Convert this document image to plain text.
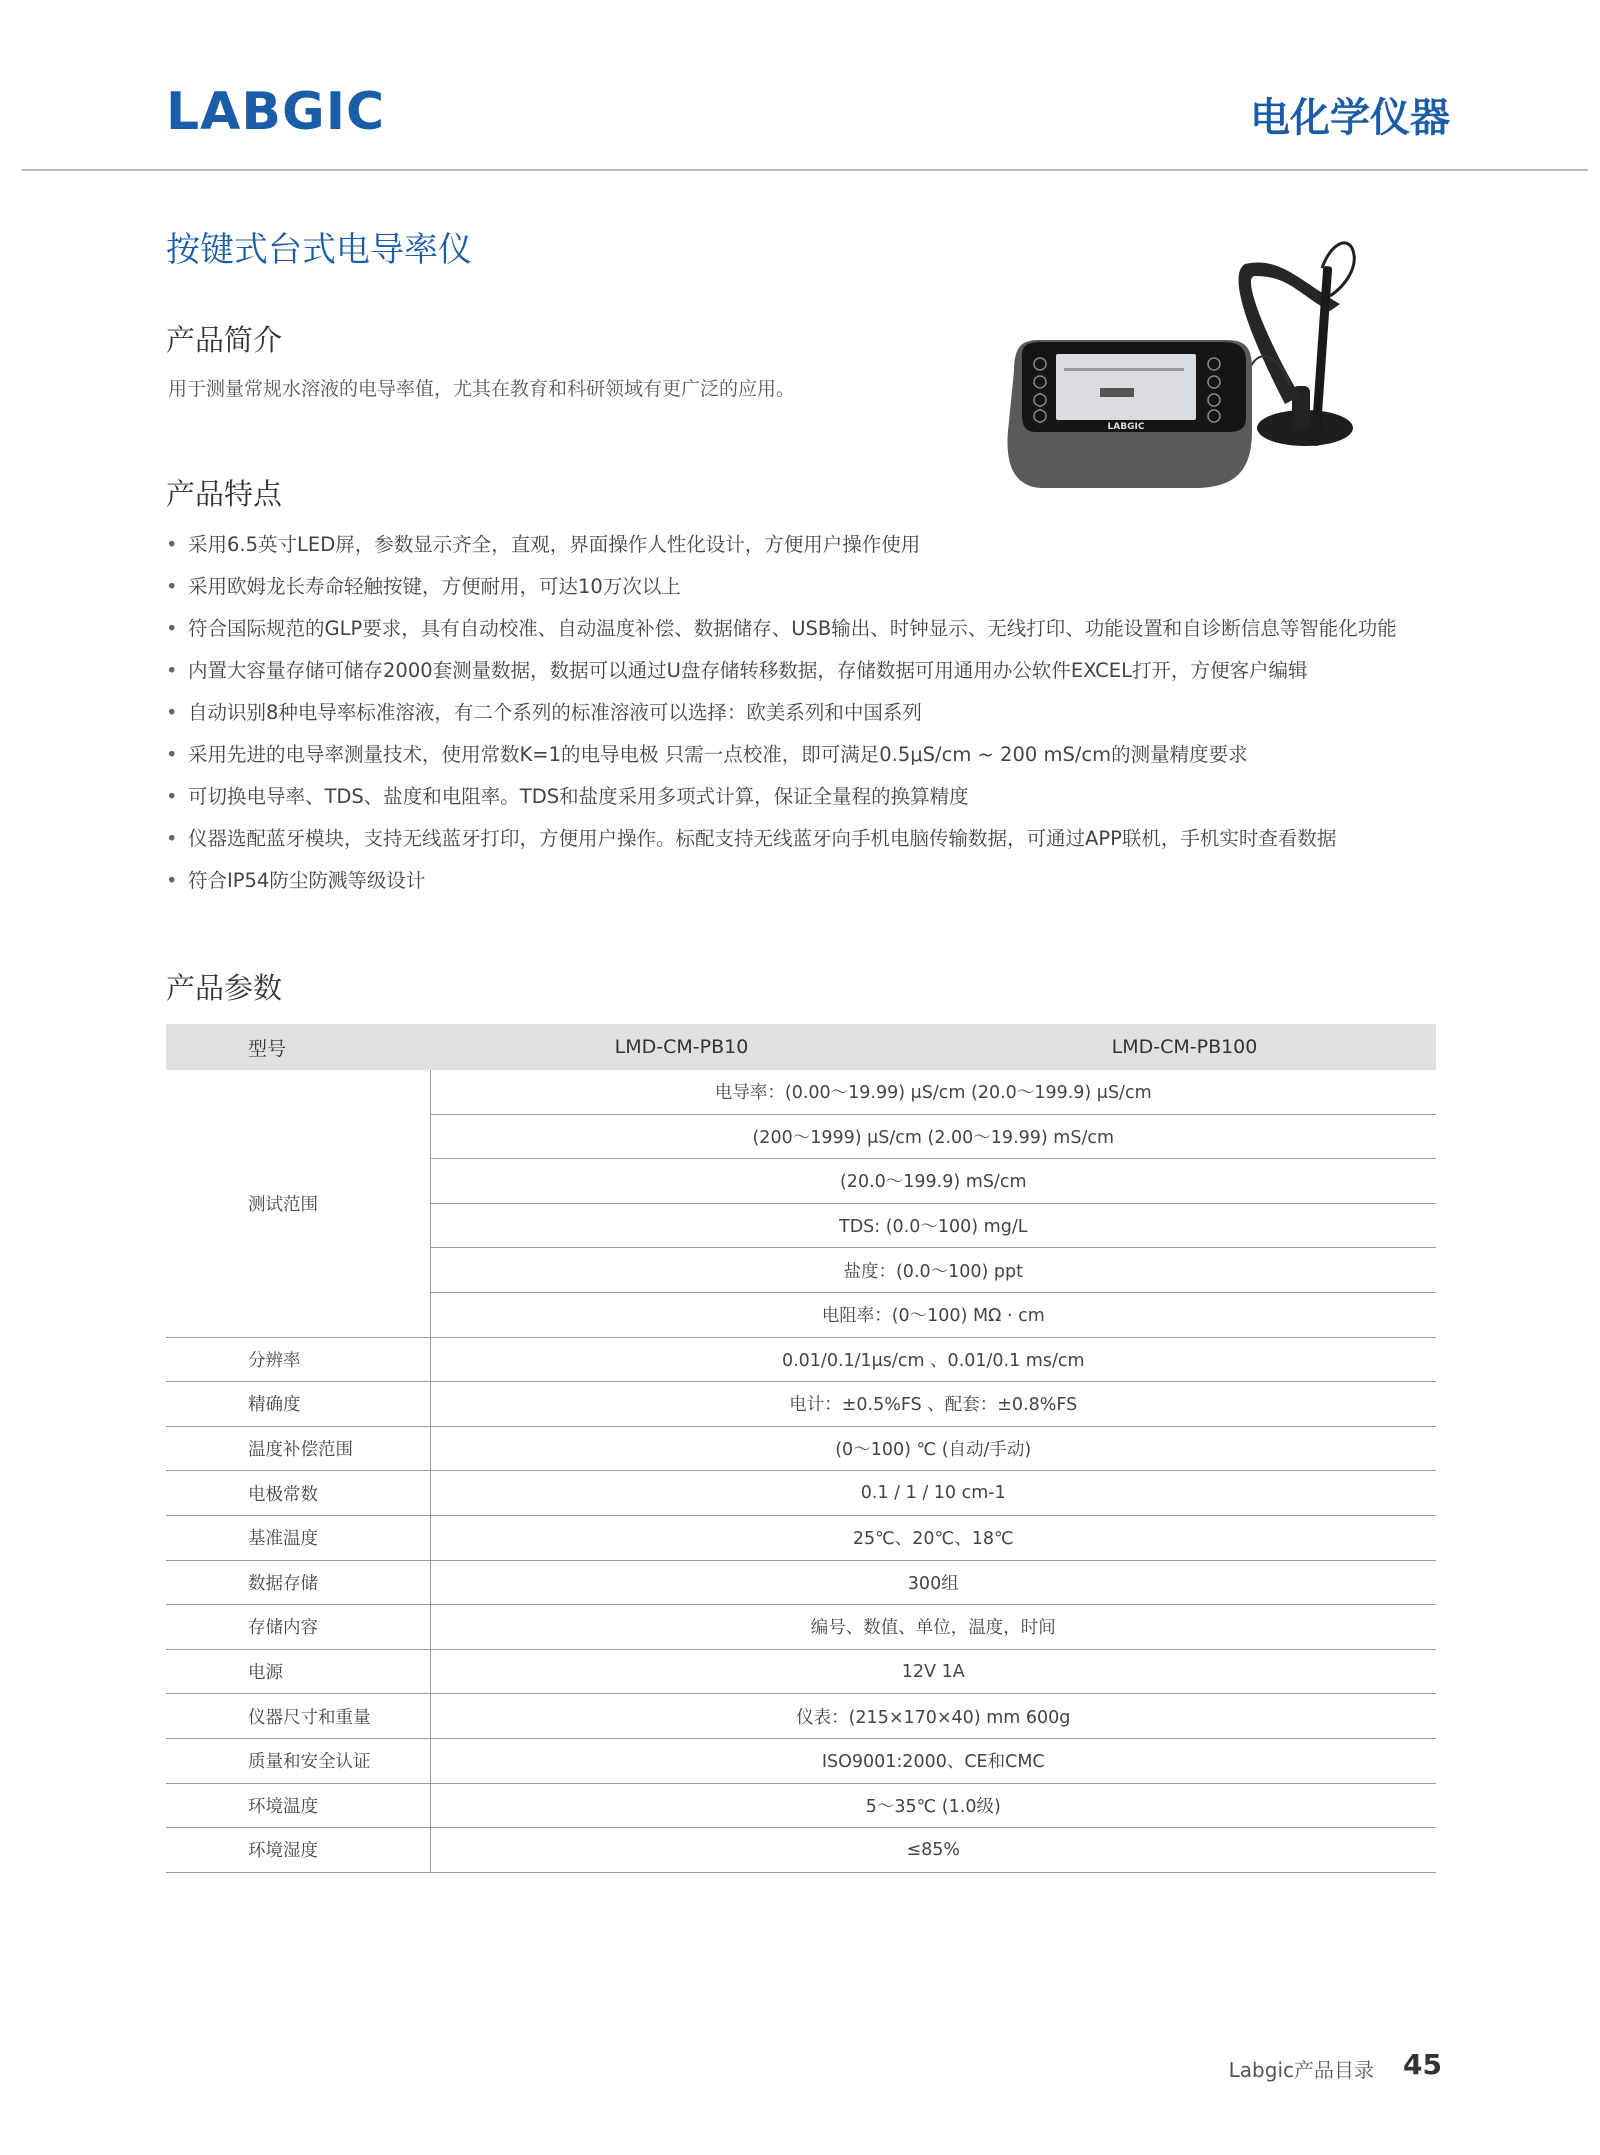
LABGIC	电化学仪器
按键式台式电导率仪
产品简介
用于测量常规水溶液的电导率值，尤其在教育和科研领域有更广泛的应用。
LABGIC
产品特点
• 采用6.5英寸LED屏，参数显示齐全，直观，界面操作人性化设计，方便用户操作使用
• 采用欧姆龙长寿命轻触按键，方便耐用，可达10万次以上
• 符合国际规范的GLP要求，具有自动校准、自动温度补偿、数据储存、USB输出、时钟显示、无线打印、功能设置和自诊断信息等智能化功能
• 内置大容量存储可储存2000套测量数据，数据可以通过U盘存储转移数据，存储数据可用通用办公软件EXCEL打开，方便客户编辑
• 自动识别8种电导率标准溶液，有二个系列的标准溶液可以选择：欧美系列和中国系列
• 采用先进的电导率测量技术，使用常数K=1的电导电极 只需一点校准，即可满足0.5μS/cm ~ 200 mS/cm的测量精度要求
• 可切换电导率、TDS、盐度和电阻率。TDS和盐度采用多项式计算，保证全量程的换算精度
• 仪器选配蓝牙模块，支持无线蓝牙打印，方便用户操作。标配支持无线蓝牙向手机电脑传输数据，可通过APP联机，手机实时查看数据
• 符合IP54防尘防溅等级设计
产品参数
型号	LMD-CM-PB10	LMD-CM-PB100
测试范围	电导率：(0.00～19.99) μS/cm (20.0～199.9) μS/cm	
	(200～1999) μS/cm (2.00～19.99) mS/cm	
	(20.0～199.9) mS/cm	
	TDS: (0.0～100) mg/L	
	盐度：(0.0～100) ppt	
	电阻率：(0～100) MΩ · cm	
分辨率	0.01/0.1/1μs/cm 、0.01/0.1 ms/cm	
精确度	电计：±0.5%FS 、配套：±0.8%FS	
温度补偿范围	(0～100) ℃ (自动/手动)	
电极常数	0.1 / 1 / 10 cm-1	
基准温度	25℃、20℃、18℃	
数据存储	300组	
存储内容	编号、数值、单位，温度，时间	
电源	12V 1A	
仪器尺寸和重量	仪表：(215×170×40) mm 600g	
质量和安全认证	ISO9001:2000、CE和CMC	
环境温度	5～35℃ (1.0级)	
环境湿度	≤85%	
Labgic产品目录 45
